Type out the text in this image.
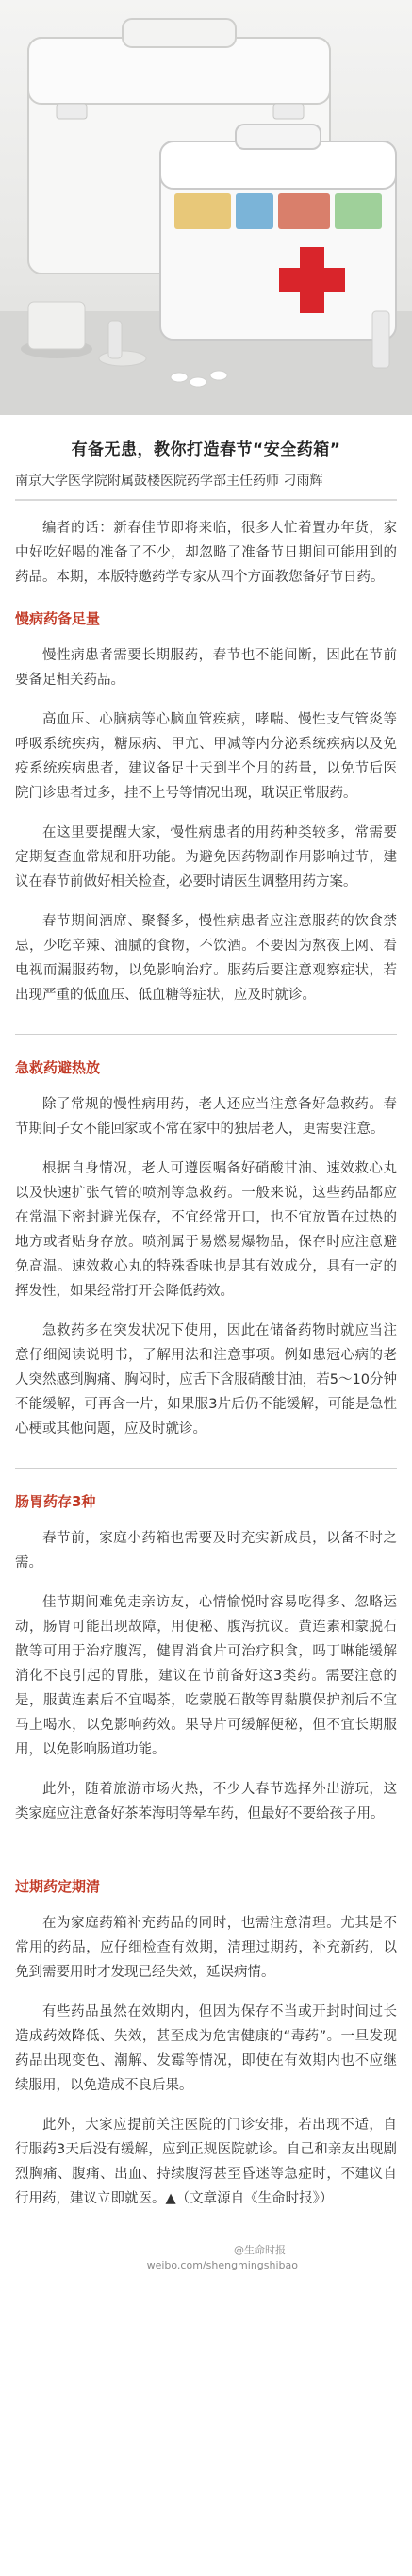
有备无患，教你打造春节“安全药箱”
南京大学医学院附属鼓楼医院药学部主任药师 刁雨辉

编者的话：新春佳节即将来临，很多人忙着置办年货，家中好吃好喝的准备了不少，却忽略了准备节日期间可能用到的药品。本期，本版特邀药学专家从四个方面教您备好节日药。

慢病药备足量

慢性病患者需要长期服药，春节也不能间断，因此在节前要备足相关药品。

高血压、心脑病等心脑血管疾病，哮喘、慢性支气管炎等呼吸系统疾病，糖尿病、甲亢、甲减等内分泌系统疾病以及免疫系统疾病患者，建议备足十天到半个月的药量，以免节后医院门诊患者过多，挂不上号等情况出现，耽误正常服药。

在这里要提醒大家，慢性病患者的用药种类较多，常需要定期复查血常规和肝功能。为避免因药物副作用影响过节，建议在春节前做好相关检查，必要时请医生调整用药方案。

春节期间酒席、聚餐多，慢性病患者应注意服药的饮食禁忌，少吃辛辣、油腻的食物，不饮酒。不要因为熬夜上网、看电视而漏服药物，以免影响治疗。服药后要注意观察症状，若出现严重的低血压、低血糖等症状，应及时就诊。

急救药避热放

除了常规的慢性病用药，老人还应当注意备好急救药。春节期间子女不能回家或不常在家中的独居老人，更需要注意。

根据自身情况，老人可遵医嘱备好硝酸甘油、速效救心丸以及快速扩张气管的喷剂等急救药。一般来说，这些药品都应在常温下密封避光保存，不宜经常开口，也不宜放置在过热的地方或者贴身存放。喷剂属于易燃易爆物品，保存时应注意避免高温。速效救心丸的特殊香味也是其有效成分，具有一定的挥发性，如果经常打开会降低药效。

急救药多在突发状况下使用，因此在储备药物时就应当注意仔细阅读说明书，了解用法和注意事项。例如患冠心病的老人突然感到胸痛、胸闷时，应舌下含服硝酸甘油，若5～10分钟不能缓解，可再含一片，如果服3片后仍不能缓解，可能是急性心梗或其他问题，应及时就诊。

肠胃药存3种

春节前，家庭小药箱也需要及时充实新成员，以备不时之需。

佳节期间难免走亲访友，心情愉悦时容易吃得多、忽略运动，肠胃可能出现故障，用便秘、腹泻抗议。黄连素和蒙脱石散等可用于治疗腹泻，健胃消食片可治疗积食，吗丁啉能缓解消化不良引起的胃胀，建议在节前备好这3类药。需要注意的是，服黄连素后不宜喝茶，吃蒙脱石散等胃黏膜保护剂后不宜马上喝水，以免影响药效。果导片可缓解便秘，但不宜长期服用，以免影响肠道功能。

此外，随着旅游市场火热，不少人春节选择外出游玩，这类家庭应注意备好茶苯海明等晕车药，但最好不要给孩子用。

过期药定期清

在为家庭药箱补充药品的同时，也需注意清理。尤其是不常用的药品，应仔细检查有效期，清理过期药，补充新药，以免到需要用时才发现已经失效，延误病情。

有些药品虽然在效期内，但因为保存不当或开封时间过长造成药效降低、失效，甚至成为危害健康的“毒药”。一旦发现药品出现变色、潮解、发霉等情况，即使在有效期内也不应继续服用，以免造成不良后果。

此外，大家应提前关注医院的门诊安排，若出现不适，自行服药3天后没有缓解，应到正规医院就诊。自己和亲友出现剧烈胸痛、腹痛、出血、持续腹泻甚至昏迷等急症时，不建议自行用药，建议立即就医。▲（文章源自《生命时报》）

@生命时报
weibo.com/shengmingshibao
